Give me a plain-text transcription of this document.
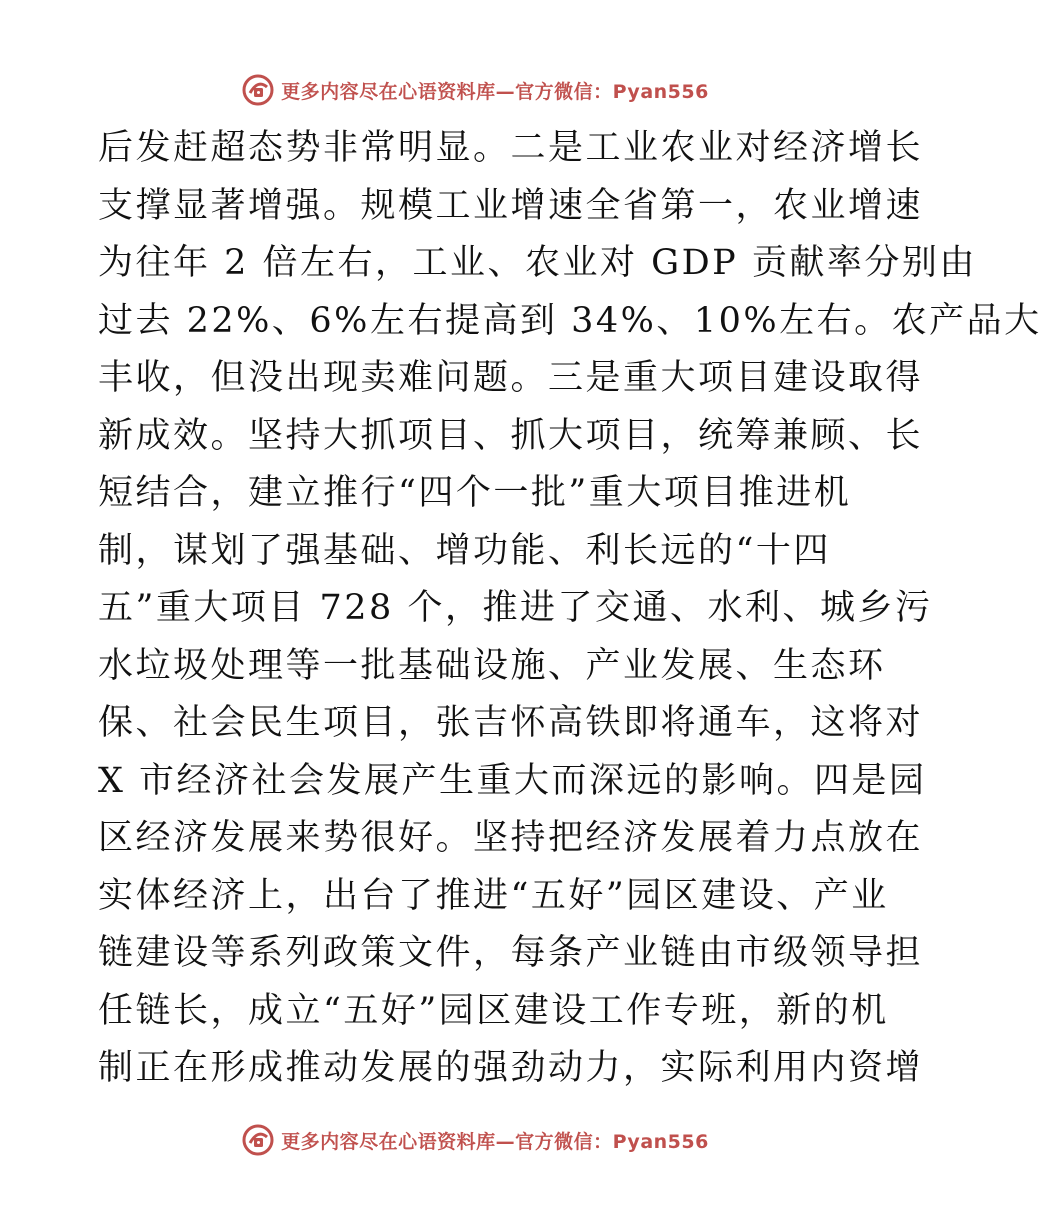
更多内容尽在心语资料库—官方微信：Pyan556
后发赶超态势非常明显。二是工业农业对经济增长
支撑显著增强。规模工业增速全省第一，农业增速
为往年 2 倍左右，工业、农业对 GDP 贡献率分别由
过去 22%、6%左右提高到 34%、10%左右。农产品大
丰收，但没出现卖难问题。三是重大项目建设取得
新成效。坚持大抓项目、抓大项目，统筹兼顾、长
短结合，建立推行“四个一批”重大项目推进机
制，谋划了强基础、增功能、利长远的“十四
五”重大项目 728 个，推进了交通、水利、城乡污
水垃圾处理等一批基础设施、产业发展、生态环
保、社会民生项目，张吉怀高铁即将通车，这将对
X 市经济社会发展产生重大而深远的影响。四是园
区经济发展来势很好。坚持把经济发展着力点放在
实体经济上，出台了推进“五好”园区建设、产业
链建设等系列政策文件，每条产业链由市级领导担
任链长，成立“五好”园区建设工作专班，新的机
制正在形成推动发展的强劲动力，实际利用内资增
更多内容尽在心语资料库—官方微信：Pyan556
